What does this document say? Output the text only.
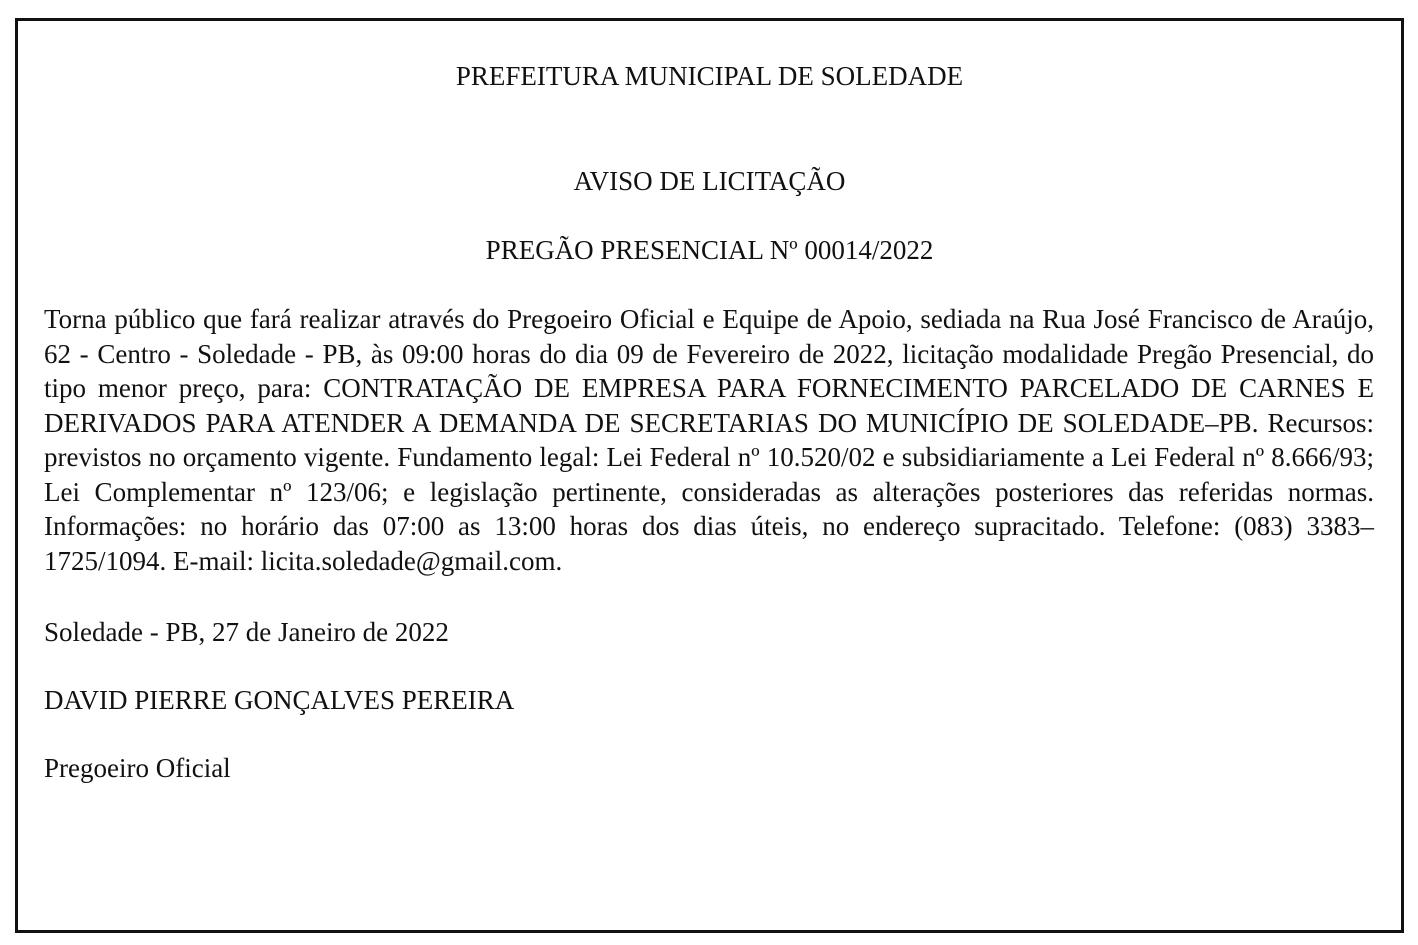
PREFEITURA MUNICIPAL DE SOLEDADE

AVISO DE LICITAÇÃO

PREGÃO PRESENCIAL Nº 00014/2022

Torna público que fará realizar através do Pregoeiro Oficial e Equipe de Apoio, sediada na Rua José Francisco de Araújo, 62 - Centro - Soledade - PB, às 09:00 horas do dia 09 de Fevereiro de 2022, licitação modalidade Pregão Presencial, do tipo menor preço, para: CONTRATAÇÃO DE EMPRESA PARA FORNECIMENTO PARCELADO DE CARNES E DERIVADOS PARA ATENDER A DEMANDA DE SECRETARIAS DO MUNICÍPIO DE SOLEDADE–PB. Recursos: previstos no orçamento vigente. Fundamento legal: Lei Federal nº 10.520/02 e subsidiariamente a Lei Federal nº 8.666/93; Lei Complementar nº 123/06; e legislação pertinente, consideradas as alterações posteriores das referidas normas. Informações: no horário das 07:00 as 13:00 horas dos dias úteis, no endereço supracitado. Telefone: (083) 3383–1725/1094. E-mail: licita.soledade@gmail.com.

Soledade - PB, 27 de Janeiro de 2022

DAVID PIERRE GONÇALVES PEREIRA

Pregoeiro Oficial
